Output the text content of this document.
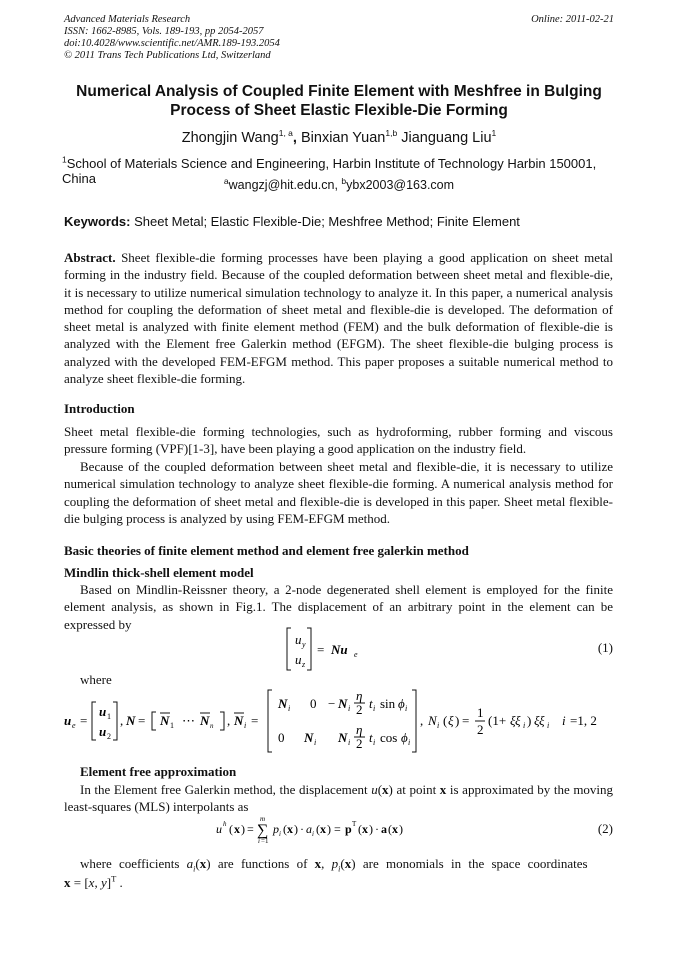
Advanced Materials Research
ISSN: 1662-8985, Vols. 189-193, pp 2054-2057
doi:10.4028/www.scientific.net/AMR.189-193.2054
© 2011 Trans Tech Publications Ltd, Switzerland
Online: 2011-02-21
Numerical Analysis of Coupled Finite Element with Meshfree in Bulging
Process of Sheet Elastic Flexible-Die Forming
Zhongjin Wang$^{1, a}$, Binxian Yuan$^{1,b}$ Jianguang Liu$^1$
$^1$School of Materials Science and Engineering, Harbin Institute of Technology Harbin 150001, China	$^a$wangzj@hit.edu.cn, $^b$ybx2003@163.com
Keywords: Sheet Metal; Elastic Flexible-Die; Meshfree Method; Finite Element
Abstract. Sheet flexible-die forming processes have been playing a good application on sheet metal forming in the industry field. Because of the coupled deformation between sheet metal and flexible-die, it is necessary to utilize numerical simulation technology to analyze it. In this paper, a numerical analysis method for coupling the deformation of sheet metal and flexible-die is developed. The deformation of sheet metal is analyzed with finite element method (FEM) and the bulk deformation of flexible-die is analyzed with the Element free Galerkin method (EFGM). The sheet flexible-die bulging process is analyzed with the developed FEM-EFGM method. This paper proposes a suitable numerical method to analyze sheet flexible-die forming.
Introduction
Sheet metal flexible-die forming technologies, such as hydroforming, rubber forming and viscous pressure forming (VPF)[1-3], have been playing a good application on the industry field.
Because of the coupled deformation between sheet metal and flexible-die, it is necessary to utilize numerical simulation technology to analyze sheet flexible-die forming. A numerical analysis method for coupling the deformation of sheet metal and flexible-die is developed in this paper. Sheet metal flexible-die bulging process is analyzed by using FEM-EFGM method.
Basic theories of finite element method and element free galerkin method
Mindlin thick-shell element model
Based on Mindlin-Reissner theory, a 2-node degenerated shell element is employed for the finite element analysis, as shown in Fig.1. The displacement of an arbitrary point in the element can be expressed by
u y
u z
= Nu e	(1)
where
u e =
u 1
u 2
, N = N 1 ⋯ N n , N i =
N i 0 − N i
η
2 t i sin ϕ i
0 N i N i
η
2 t i cos ϕ i
, N i ( ξ ) =
1
2
(1+ ξξ i ) ξξ i i =1, 2
Element free approximation
In the Element free Galerkin method, the displacement u(x) at point x is approximated by the moving least-squares (MLS) interpolants as
u h ( x ) = ∑
m
i =1
p i ( x ) · a i ( x ) = p T ( x ) · a ( x )	(2)
where coefficients $a_i(x)$ are functions of x, $p_i(x)$ are monomials in the space coordinates
x = [x, y]$^T$ .
